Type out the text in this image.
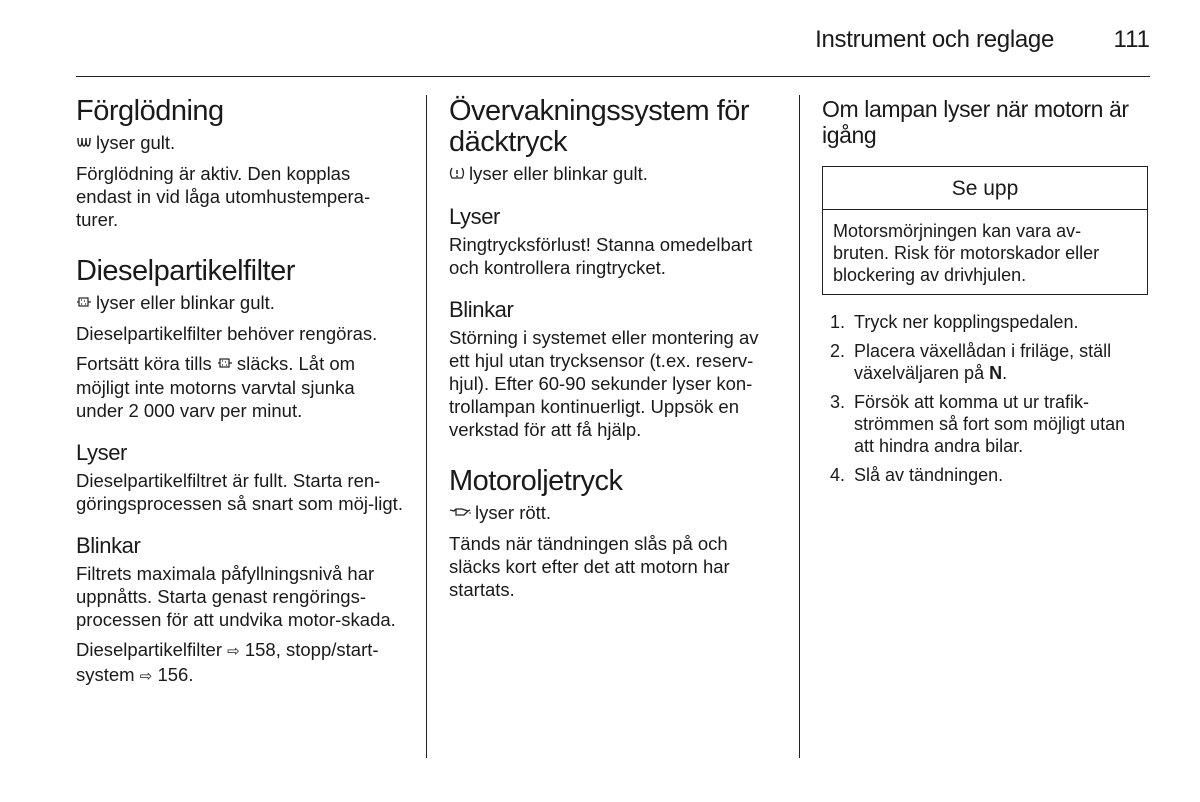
Instrument och reglage 111
Förglödning

lyser gult.

Förglödning är aktiv. Den kopplas endast in vid låga utomhustempera-turer.

Dieselpartikelfilter

lyser eller blinkar gult.

Dieselpartikelfilter behöver rengöras.

Fortsätt köra tills släcks. Låt om möjligt inte motorns varvtal sjunka under 2 000 varv per minut.

Lyser

Dieselpartikelfiltret är fullt. Starta ren-göringsprocessen så snart som möj-ligt.

Blinkar

Filtrets maximala påfyllningsnivå har uppnåtts. Starta genast rengörings-processen för att undvika motor-skada.

Dieselpartikelfilter ⇨ 158, stopp/start-system ⇨ 156.

Övervakningssystem för däcktryck

lyser eller blinkar gult.

Lyser

Ringtrycksförlust! Stanna omedelbart och kontrollera ringtrycket.

Blinkar

Störning i systemet eller montering av ett hjul utan trycksensor (t.ex. reserv-hjul). Efter 60-90 sekunder lyser kon-trollampan kontinuerligt. Uppsök en verkstad för att få hjälp.

Motoroljetryck

lyser rött.

Tänds när tändningen slås på och släcks kort efter det att motorn har startats.

Om lampan lyser när motorn är igång
Se upp
Motorsmörjningen kan vara av-bruten. Risk för motorskador eller blockering av drivhjulen.
1. Tryck ner kopplingspedalen.
2. Placera växellådan i friläge, ställ växelväljaren på N.
3. Försök att komma ut ur trafik-strömmen så fort som möjligt utan att hindra andra bilar.
4. Slå av tändningen.
